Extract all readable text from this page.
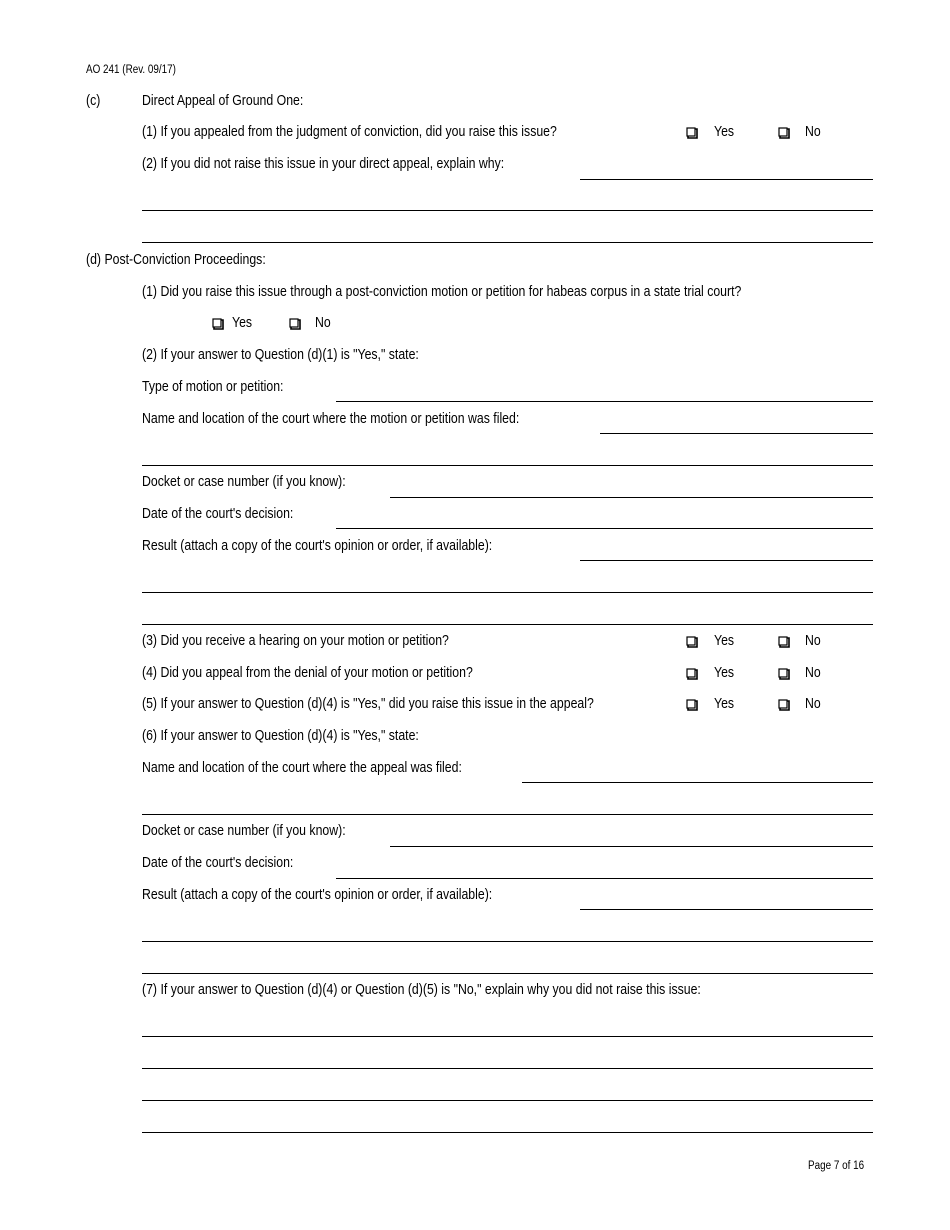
AO 241 (Rev. 09/17)
(c)	Direct Appeal of Ground One:
(1) If you appealed from the judgment of conviction, did you raise this issue?	Yes	No
(2) If you did not raise this issue in your direct appeal, explain why:
(d) Post-Conviction Proceedings:
(1) Did you raise this issue through a post-conviction motion or petition for habeas corpus in a state trial court?
Yes	No
(2) If your answer to Question (d)(1) is "Yes," state:
Type of motion or petition:
Name and location of the court where the motion or petition was filed:
Docket or case number (if you know):
Date of the court's decision:
Result (attach a copy of the court's opinion or order, if available):
(3) Did you receive a hearing on your motion or petition?	Yes	No
(4) Did you appeal from the denial of your motion or petition?	Yes	No
(5) If your answer to Question (d)(4) is "Yes," did you raise this issue in the appeal?	Yes	No
(6) If your answer to Question (d)(4) is "Yes," state:
Name and location of the court where the appeal was filed:
Docket or case number (if you know):
Date of the court's decision:
Result (attach a copy of the court's opinion or order, if available):
(7) If your answer to Question (d)(4) or Question (d)(5) is "No," explain why you did not raise this issue:
Page 7 of 16
